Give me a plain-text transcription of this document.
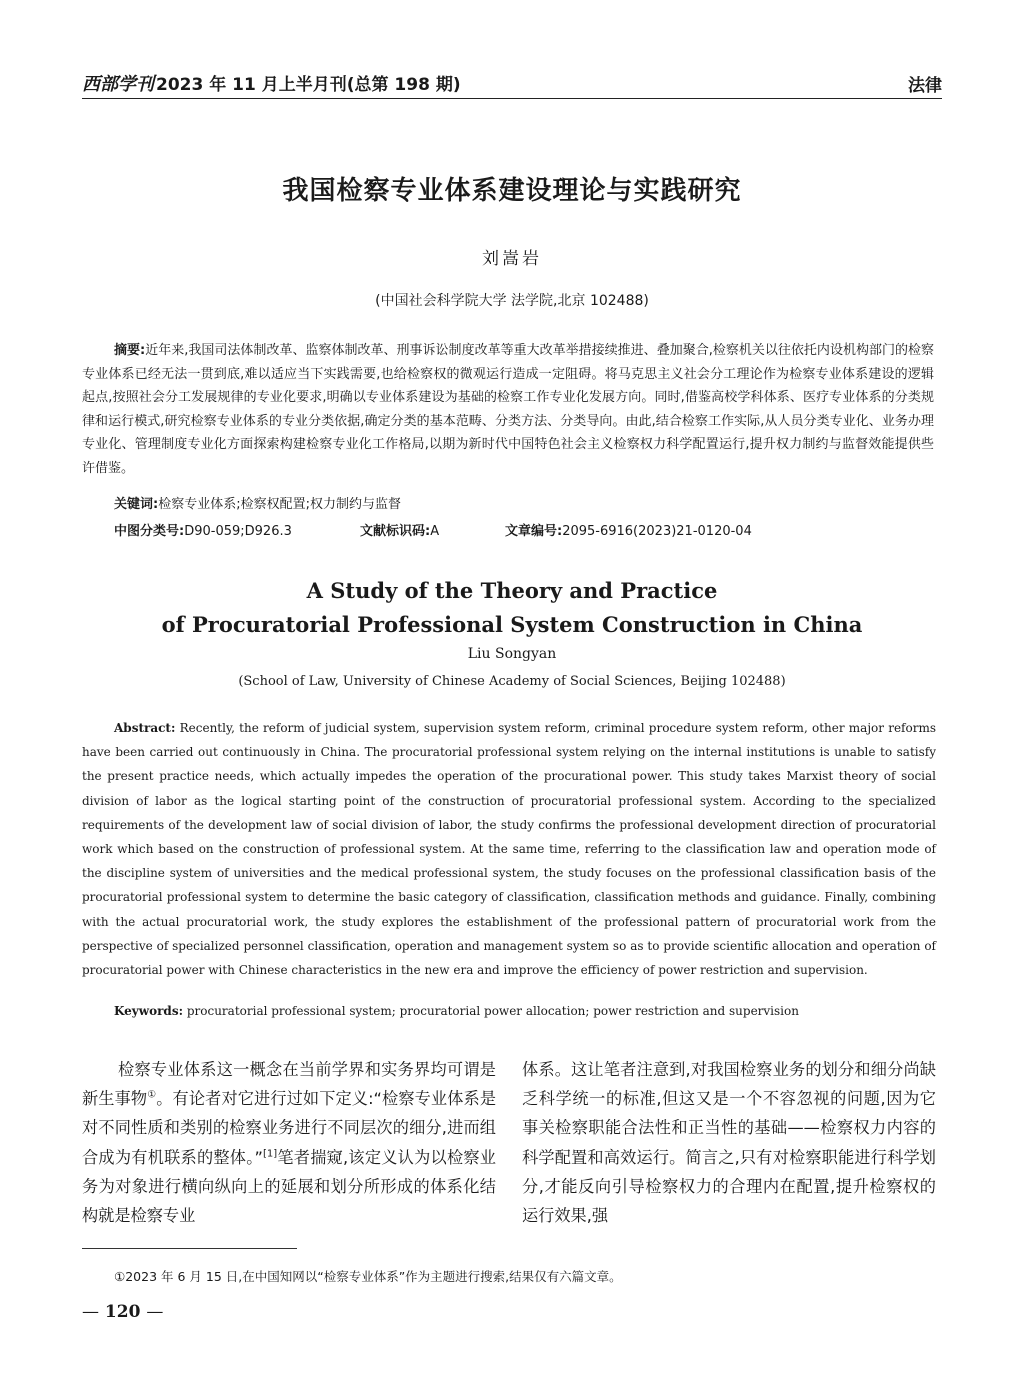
西部学刊 2023 年 11 月上半月刊(总第 198 期)	法律
我国检察专业体系建设理论与实践研究
刘嵩岩
(中国社会科学院大学 法学院,北京 102488)

摘要:近年来,我国司法体制改革、监察体制改革、刑事诉讼制度改革等重大改革举措接续推进、叠加聚合,检察机关以往依托内设机构部门的检察专业体系已经无法一贯到底,难以适应当下实践需要,也给检察权的微观运行造成一定阻碍。将马克思主义社会分工理论作为检察专业体系建设的逻辑起点,按照社会分工发展规律的专业化要求,明确以专业体系建设为基础的检察工作专业化发展方向。同时,借鉴高校学科体系、医疗专业体系的分类规律和运行模式,研究检察专业体系的专业分类依据,确定分类的基本范畴、分类方法、分类导向。由此,结合检察工作实际,从人员分类专业化、业务办理专业化、管理制度专业化方面探索构建检察专业化工作格局,以期为新时代中国特色社会主义检察权力科学配置运行,提升权力制约与监督效能提供些许借鉴。

关键词:检察专业体系;检察权配置;权力制约与监督
中图分类号:D90-059;D926.3	文献标识码:A	文章编号:2095-6916(2023)21-0120-04
A Study of the Theory and Practice
of Procuratorial Professional System Construction in China
Liu Songyan
(School of Law, University of Chinese Academy of Social Sciences, Beijing 102488)

Abstract: Recently, the reform of judicial system, supervision system reform, criminal procedure system reform, other major reforms have been carried out continuously in China. The procuratorial professional system relying on the internal institutions is unable to satisfy the present practice needs, which actually impedes the operation of the procurational power. This study takes Marxist theory of social division of labor as the logical starting point of the construction of procuratorial professional system. According to the specialized requirements of the development law of social division of labor, the study confirms the professional development direction of procuratorial work which based on the construction of professional system. At the same time, referring to the classification law and operation mode of the discipline system of universities and the medical professional system, the study focuses on the professional classification basis of the procuratorial professional system to determine the basic category of classification, classification methods and guidance. Finally, combining with the actual procuratorial work, the study explores the establishment of the professional pattern of procuratorial work from the perspective of specialized personnel classification, operation and management system so as to provide scientific allocation and operation of procuratorial power with Chinese characteristics in the new era and improve the efficiency of power restriction and supervision.

Keywords: procuratorial professional system; procuratorial power allocation; power restriction and supervision

检察专业体系这一概念在当前学界和实务界均可谓是新生事物①。有论者对它进行过如下定义:“检察专业体系是对不同性质和类别的检察业务进行不同层次的细分,进而组合成为有机联系的整体。”[1]笔者揣窥,该定义认为以检察业务为对象进行横向纵向上的延展和划分所形成的体系化结构就是检察专业

体系。这让笔者注意到,对我国检察业务的划分和细分尚缺乏科学统一的标准,但这又是一个不容忽视的问题,因为它事关检察职能合法性和正当性的基础——检察权力内容的科学配置和高效运行。简言之,只有对检察职能进行科学划分,才能反向引导检察权力的合理内在配置,提升检察权的运行效果,强

①2023 年 6 月 15 日,在中国知网以“检察专业体系”作为主题进行搜索,结果仅有六篇文章。

— 120 —
